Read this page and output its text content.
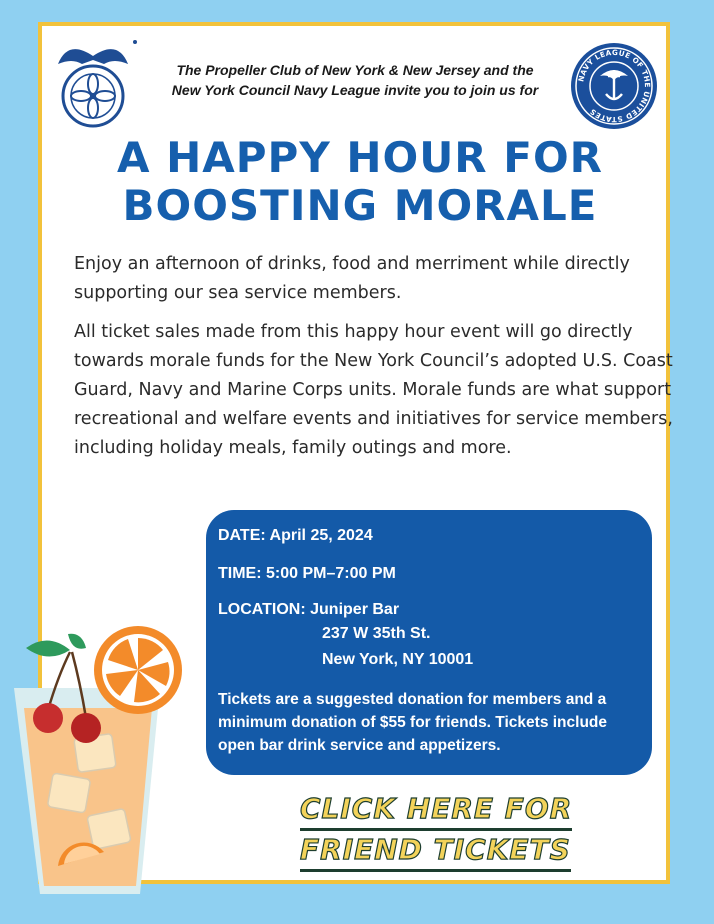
The Propeller Club of New York & New Jersey and the
New York Council Navy League invite you to join us for
NAVY LEAGUE OF THE UNITED STATES
A HAPPY HOUR FOR
BOOSTING MORALE

Enjoy an afternoon of drinks, food and merriment while directly supporting our sea service members.

All ticket sales made from this happy hour event will go directly towards morale funds for the New York Council’s adopted U.S. Coast Guard, Navy and Marine Corps units. Morale funds are what support recreational and welfare events and initiatives for service members, including holiday meals, family outings and more.

DATE: April 25, 2024
TIME: 5:00 PM–7:00 PM
LOCATION: Juniper Bar
237 W 35th St.
New York, NY 10001
Tickets are a suggested donation for members and a minimum donation of $55 for friends. Tickets include open bar drink service and appetizers.
CLICK HERE FOR
FRIEND TICKETS
